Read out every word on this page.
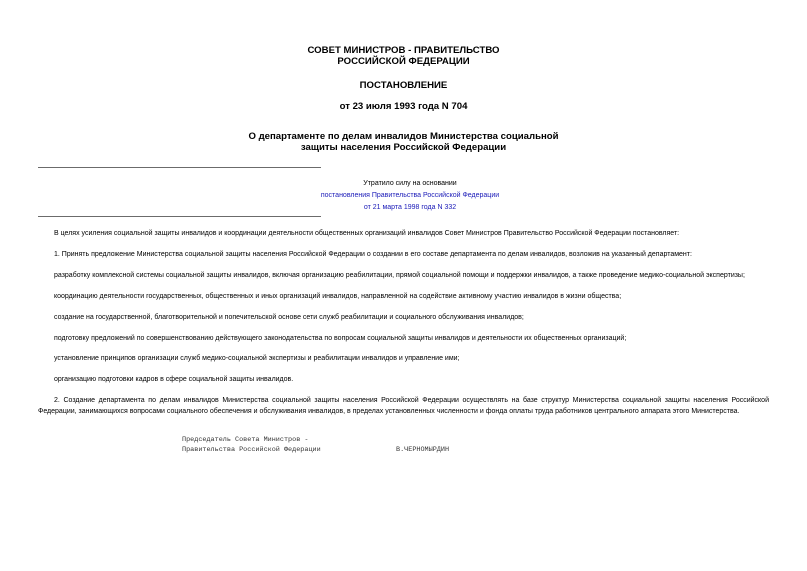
СОВЕТ МИНИСТРОВ - ПРАВИТЕЛЬСТВО
РОССИЙСКОЙ ФЕДЕРАЦИИ
ПОСТАНОВЛЕНИЕ
от 23 июля 1993 года N 704
О департаменте по делам инвалидов Министерства социальной
защиты населения Российской Федерации
Утратило силу на основании
постановления Правительства Российской Федерации
от 21 марта 1998 года N 332
В целях усиления социальной защиты инвалидов и координации деятельности общественных организаций инвалидов Совет Министров Правительство Российской Федерации постановляет:
1. Принять предложение Министерства социальной защиты населения Российской Федерации о создании в его составе департамента по делам инвалидов, возложив на указанный департамент:
разработку комплексной системы социальной защиты инвалидов, включая организацию реабилитации, прямой социальной помощи и поддержки инвалидов, а также проведение медико-социальной экспертизы;
координацию деятельности государственных, общественных и иных организаций инвалидов, направленной на содействие активному участию инвалидов в жизни общества;
создание на государственной, благотворительной и попечительской основе сети служб реабилитации и социального обслуживания инвалидов;
подготовку предложений по совершенствованию действующего законодательства по вопросам социальной защиты инвалидов и деятельности их общественных организаций;
установление принципов организации служб медико-социальной экспертизы и реабилитации инвалидов и управление ими;
организацию подготовки кадров в сфере социальной защиты инвалидов.
2. Создание департамента по делам инвалидов Министерства социальной защиты населения Российской Федерации осуществлять на базе структур Министерства социальной защиты населения Российской Федерации, занимающихся вопросами социального обеспечения и обслуживания инвалидов, в пределах установленных численности и фонда оплаты труда работников центрального аппарата этого Министерства.
Председатель Совета Министров -
Правительства Российской Федерации	В.ЧЕРНОМЫРДИН
